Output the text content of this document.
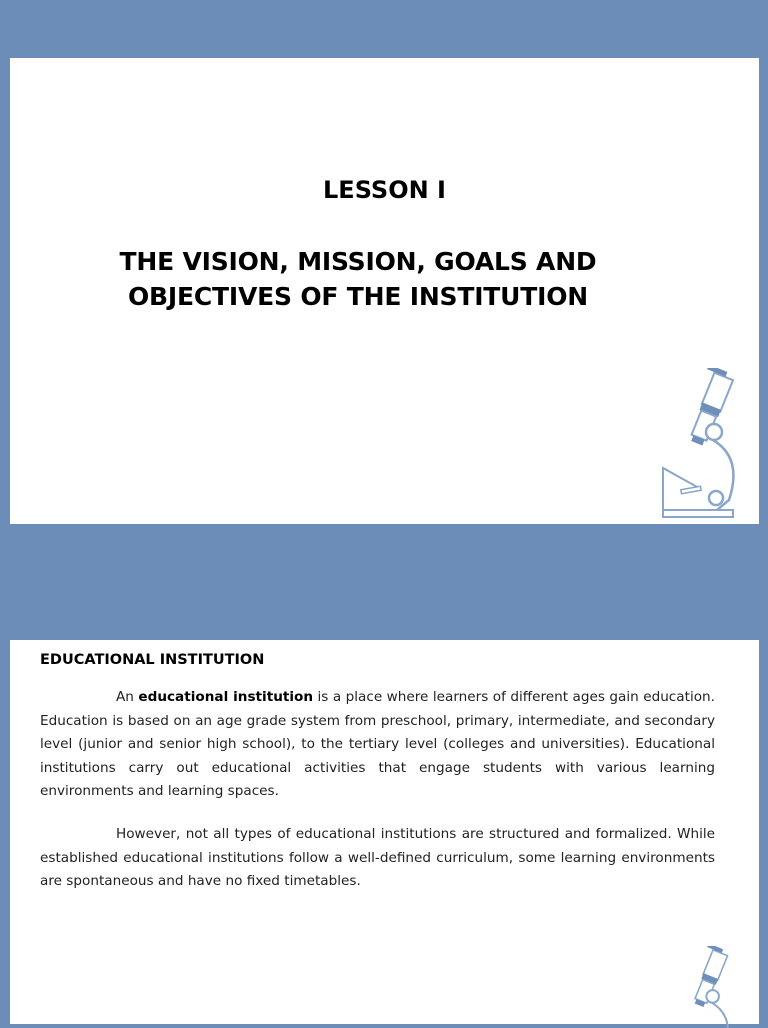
LESSON I
THE VISION, MISSION, GOALS AND
OBJECTIVES OF THE INSTITUTION
EDUCATIONAL INSTITUTION

An educational institution is a place where learners of different ages gain education. Education is based on an age grade system from preschool, primary, intermediate, and secondary level (junior and senior high school), to the tertiary level (colleges and universities). Educational institutions carry out educational activities that engage students with various learning environments and learning spaces.

However, not all types of educational institutions are structured and formalized. While established educational institutions follow a well-defined curriculum, some learning environments are spontaneous and have no fixed timetables.
